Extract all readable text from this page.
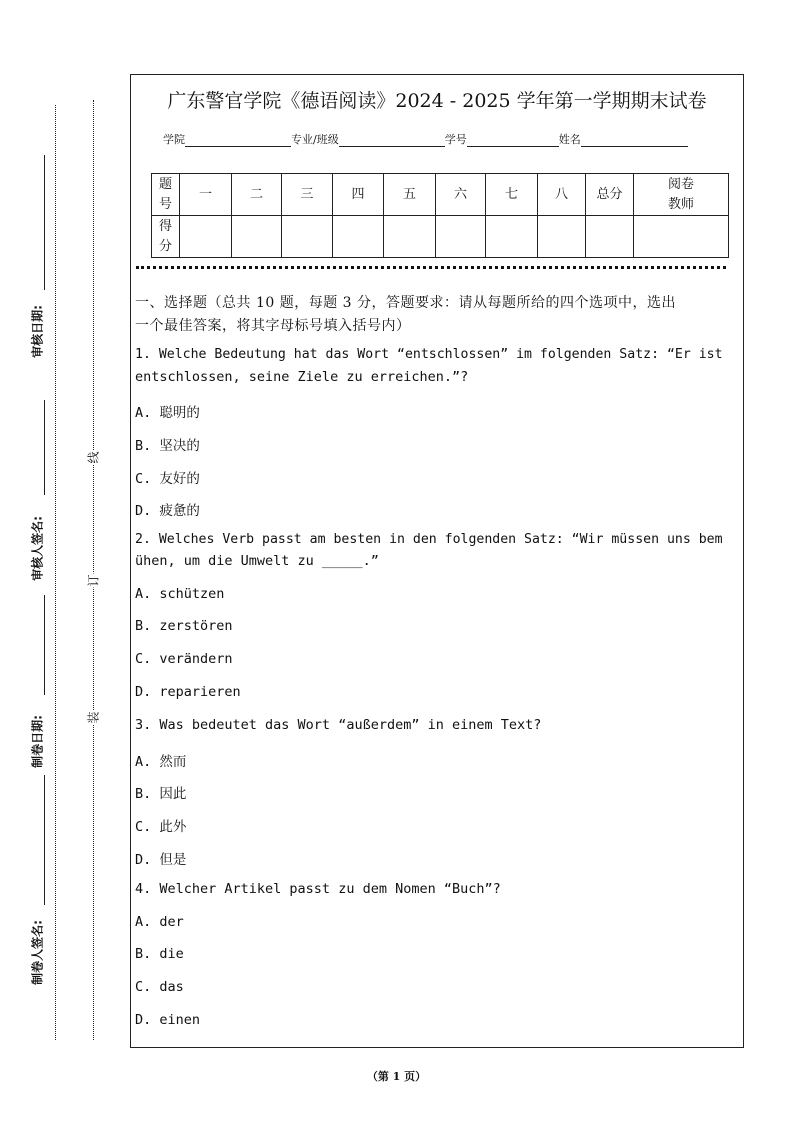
审核日期:
审核人签名:
制卷日期:
制卷人签名:
线
订
装
广东警官学院《德语阅读》2024 - 2025 学年第一学期期末试卷
学院	专业/班级	学号	姓名
题号	一	二	三	四	五	六	七	八	总分	阅卷教师

得分										

一、选择题（总共 10 题，每题 3 分，答题要求：请从每题所给的四个选项中，选出
一个最佳答案，将其字母标号填入括号内）
1. Welche Bedeutung hat das Wort “entschlossen” im folgenden Satz: “Er ist
entschlossen, seine Ziele zu erreichen.”?
A. 聪明的
B. 坚决的
C. 友好的
D. 疲惫的
2. Welches Verb passt am besten in den folgenden Satz: “Wir müssen uns bem
ühen, um die Umwelt zu _____.”
A. schützen
B. zerstören
C. verändern
D. reparieren
3. Was bedeutet das Wort “außerdem” in einem Text?
A. 然而
B. 因此
C. 此外
D. 但是
4. Welcher Artikel passt zu dem Nomen “Buch”?
A. der
B. die
C. das
D. einen
（第 1 页）
